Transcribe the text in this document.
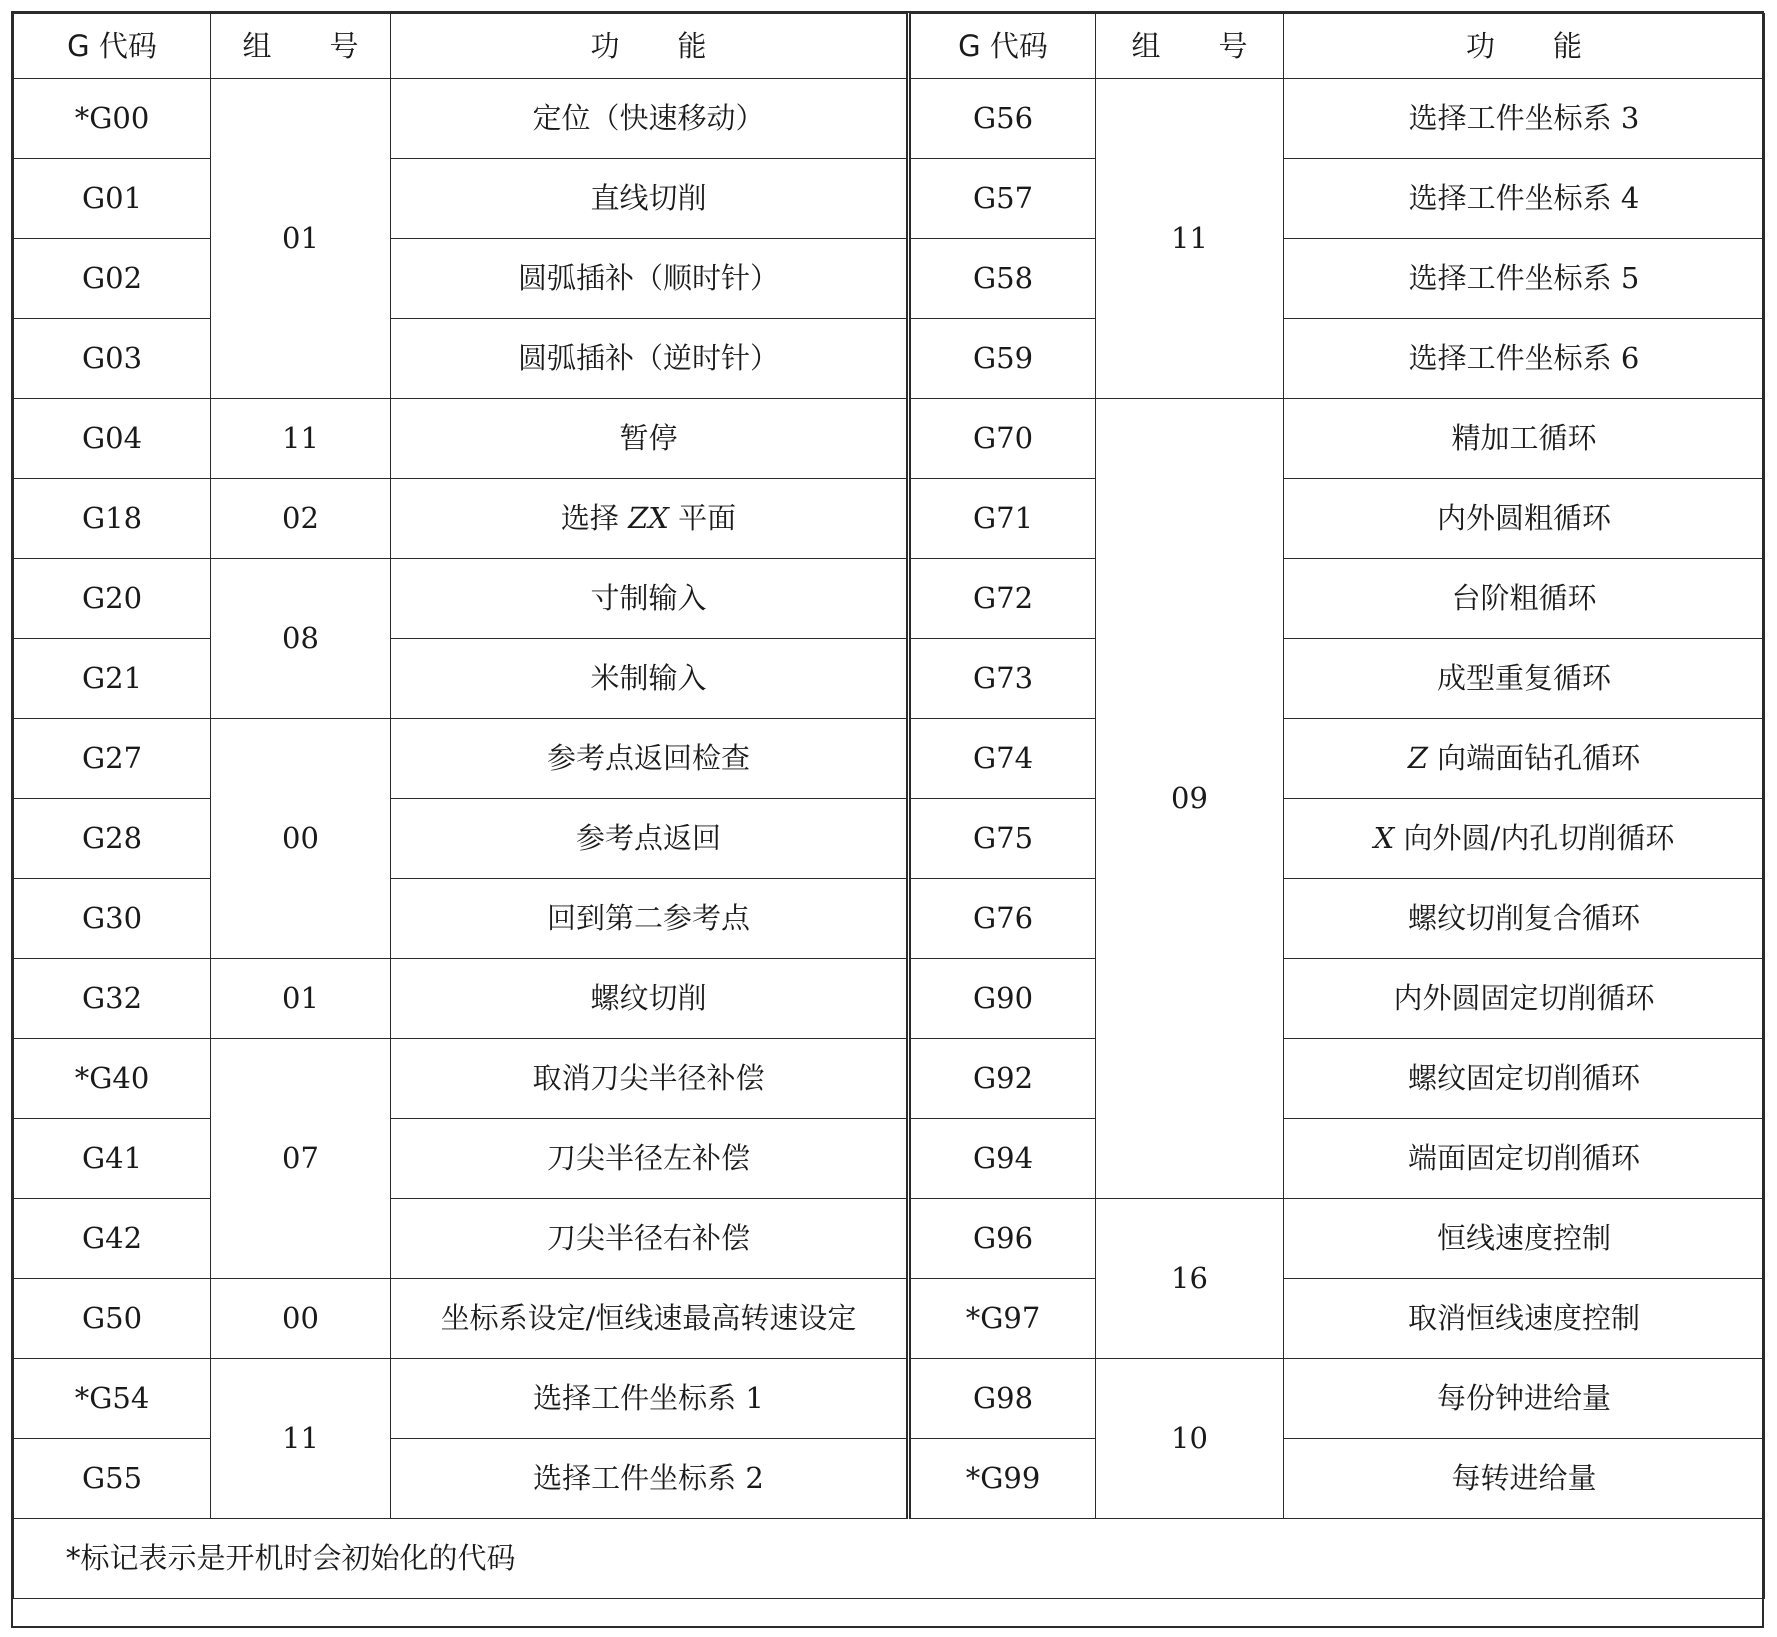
G 代码	组　　号	功　　能	G 代码	组　　号	功　　能
*G00	01	定位（快速移动）	G56	11	选择工件坐标系 3
G01		直线切削	G57		选择工件坐标系 4
G02		圆弧插补（顺时针）	G58		选择工件坐标系 5
G03		圆弧插补（逆时针）	G59		选择工件坐标系 6
G04	11	暂停	G70	09	精加工循环
G18	02	选择 ZX 平面	G71		内外圆粗循环
G20	08	寸制输入	G72		台阶粗循环
G21		米制输入	G73		成型重复循环
G27	00	参考点返回检查	G74		Z 向端面钻孔循环
G28		参考点返回	G75		X 向外圆/内孔切削循环
G30		回到第二参考点	G76		螺纹切削复合循环
G32	01	螺纹切削	G90		内外圆固定切削循环
*G40	07	取消刀尖半径补偿	G92		螺纹固定切削循环
G41		刀尖半径左补偿	G94		端面固定切削循环
G42		刀尖半径右补偿	G96	16	恒线速度控制
G50	00	坐标系设定/恒线速最高转速设定	*G97		取消恒线速度控制
*G54	11	选择工件坐标系 1	G98	10	每份钟进给量
G55		选择工件坐标系 2	*G99		每转进给量
*标记表示是开机时会初始化的代码					
